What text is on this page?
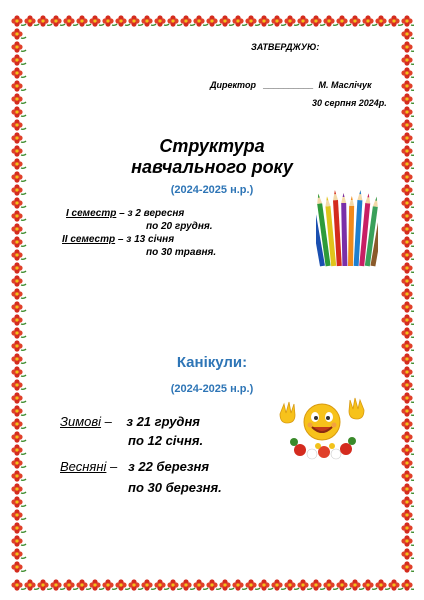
ЗАТВЕРДЖУЮ:
Директор __________ М. Маслічук
30 серпня 2024р.
Структура
навчального року
(2024-2025 н.р.)
І семестр – з 2 вересня
по 20 грудня.
ІІ семестр – з 13 січня
по 30 травня.
Канікули:
(2024-2025 н.р.)
Зимові – з 21 грудня
по 12 січня.
Весняні – з 22 березня
по 30 березня.
